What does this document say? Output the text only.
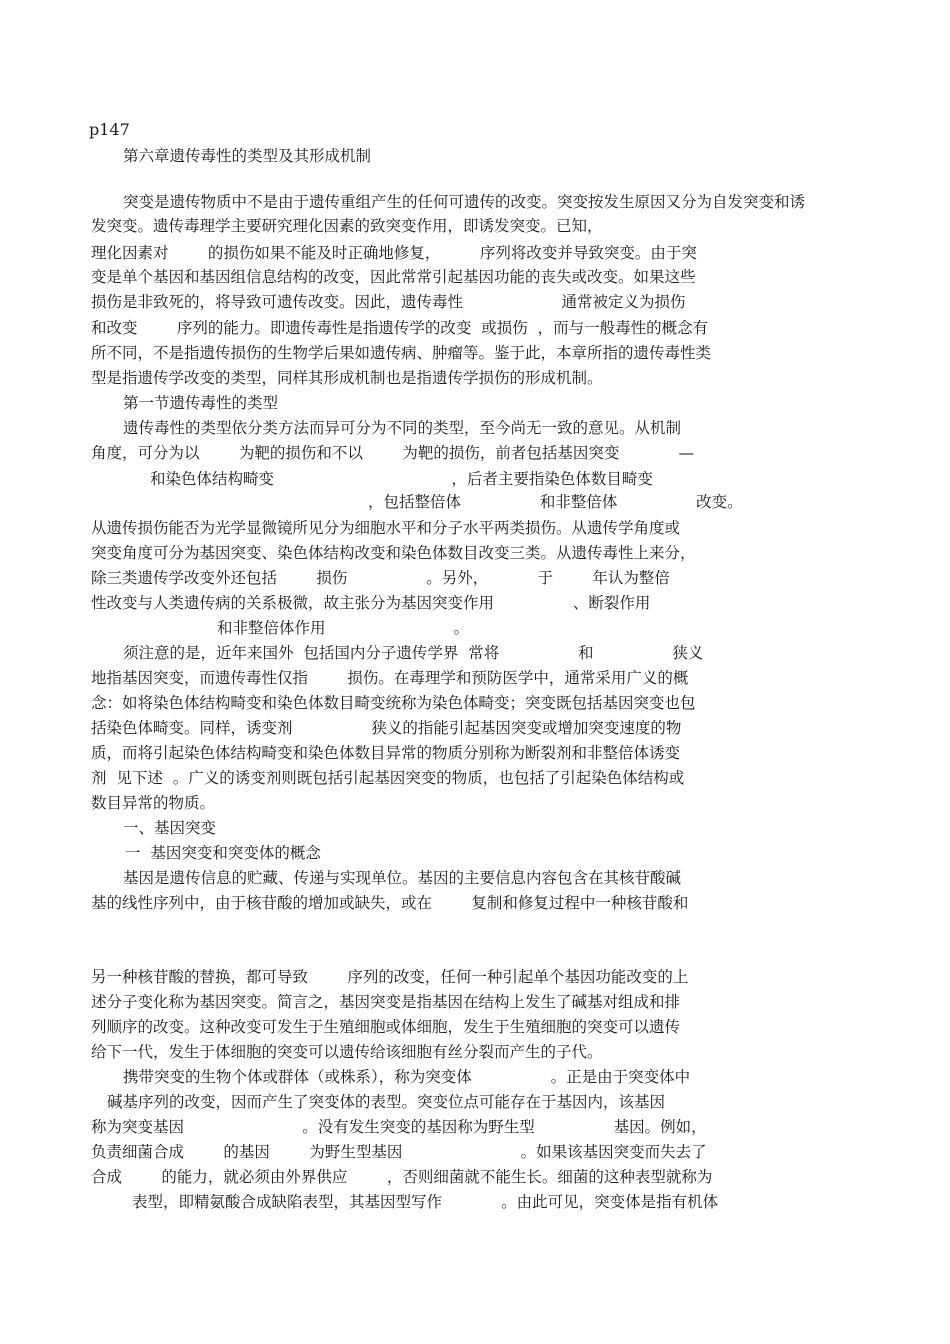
p147
第六章遗传毒性的类型及其形成机制
突变是遗传物质中不是由于遗传重组产生的任何可遗传的改变。突变按发生原因又分为自发突变和诱
发突变。遗传毒理学主要研究理化因素的致突变作用，即诱发突变。已知，
理化因素对        的损伤如果不能及时正确地修复，        序列将改变并导致突变。由于突
变是单个基因和基因组信息结构的改变，因此常常引起基因功能的丧失或改变。如果这些
损伤是非致死的，将导致可遗传改变。因此，遗传毒性                    通常被定义为损伤
和改变        序列的能力。即遗传毒性是指遗传学的改变  或损伤  ，而与一般毒性的概念有
所不同，不是指遗传损伤的生物学后果如遗传病、肿瘤等。鉴于此，本章所指的遗传毒性类
型是指遗传学改变的类型，同样其形成机制也是指遗传学损伤的形成机制。
第一节遗传毒性的类型
遗传毒性的类型依分类方法而异可分为不同的类型，至今尚无一致的意见。从机制
角度，可分为以        为靶的损伤和不以        为靶的损伤，前者包括基因突变            —
和染色体结构畸变                                    ，后者主要指染色体数目畸变
，包括整倍体                和非整倍体                改变。
从遗传损伤能否为光学显微镜所见分为细胞水平和分子水平两类损伤。从遗传学角度或
突变角度可分为基因突变、染色体结构改变和染色体数目改变三类。从遗传毒性上来分，
除三类遗传学改变外还包括        损伤                。另外，          于        年认为整倍
性改变与人类遗传病的关系极微，故主张分为基因突变作用                、断裂作用
和非整倍体作用                          。
须注意的是，近年来国外  包括国内分子遗传学界  常将                和                狭义
地指基因突变，而遗传毒性仅指        损伤。在毒理学和预防医学中，通常采用广义的概
念：如将染色体结构畸变和染色体数目畸变统称为染色体畸变；突变既包括基因突变也包
括染色体畸变。同样，诱变剂                狭义的指能引起基因突变或增加突变速度的物
质，而将引起染色体结构畸变和染色体数目异常的物质分别称为断裂剂和非整倍体诱变
剂  见下述  。广义的诱变剂则既包括引起基因突变的物质，也包括了引起染色体结构或
数目异常的物质。
一、基因突变
一  基因突变和突变体的概念
基因是遗传信息的贮藏、传递与实现单位。基因的主要信息内容包含在其核苷酸碱
基的线性序列中，由于核苷酸的增加或缺失，或在        复制和修复过程中一种核苷酸和
另一种核苷酸的替换，都可导致        序列的改变，任何一种引起单个基因功能改变的上
述分子变化称为基因突变。简言之，基因突变是指基因在结构上发生了碱基对组成和排
列顺序的改变。这种改变可发生于生殖细胞或体细胞，发生于生殖细胞的突变可以遗传
给下一代，发生于体细胞的突变可以遗传给该细胞有丝分裂而产生的子代。
携带突变的生物个体或群体（或株系），称为突变体                。正是由于突变体中
碱基序列的改变，因而产生了突变体的表型。突变位点可能存在于基因内，该基因
称为突变基因                        。没有发生突变的基因称为野生型                基因。例如，
负责细菌合成        的基因        为野生型基因                        。如果该基因突变而失去了
合成        的能力，就必须由外界供应        ，否则细菌就不能生长。细菌的这种表型就称为
表型，即精氨酸合成缺陷表型，其基因型写作            。由此可见，突变体是指有机体
